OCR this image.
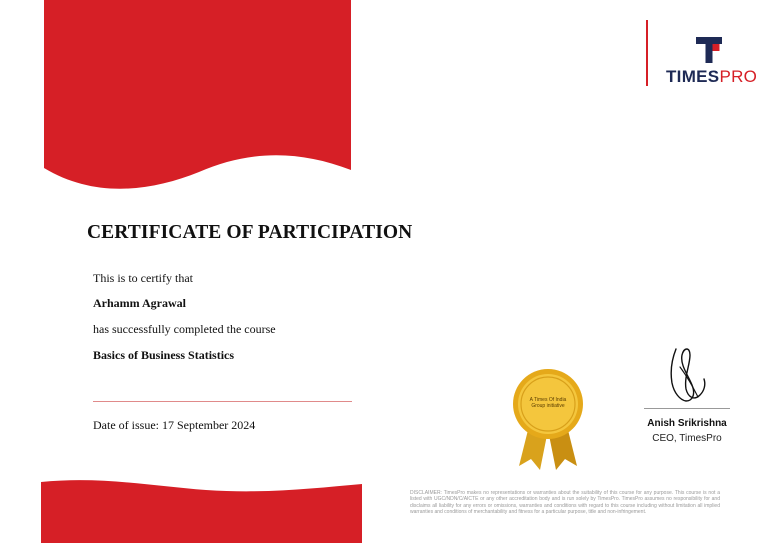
TIMESPRO
CERTIFICATE OF PARTICIPATION
This is to certify that
Arhamm Agrawal
has successfully completed the course
Basics of Business Statistics
Date of issue: 17 September 2024
A Times Of India Group initiative
Anish Srikrishna
CEO, TimesPro

DISCLAIMER: TimesPro makes no representations or warranties about the suitability of this course for any purpose. This course is not a listed with UGC/NDN/C/AICTE or any other accreditation body and is run solely by TimesPro. TimesPro assumes no responsibility for and disclaims all liability for any errors or omissions, warranties and conditions with regard to this course including without limitation all implied warranties and conditions of merchantability and fitness for a particular purpose, title and non-infringement.
